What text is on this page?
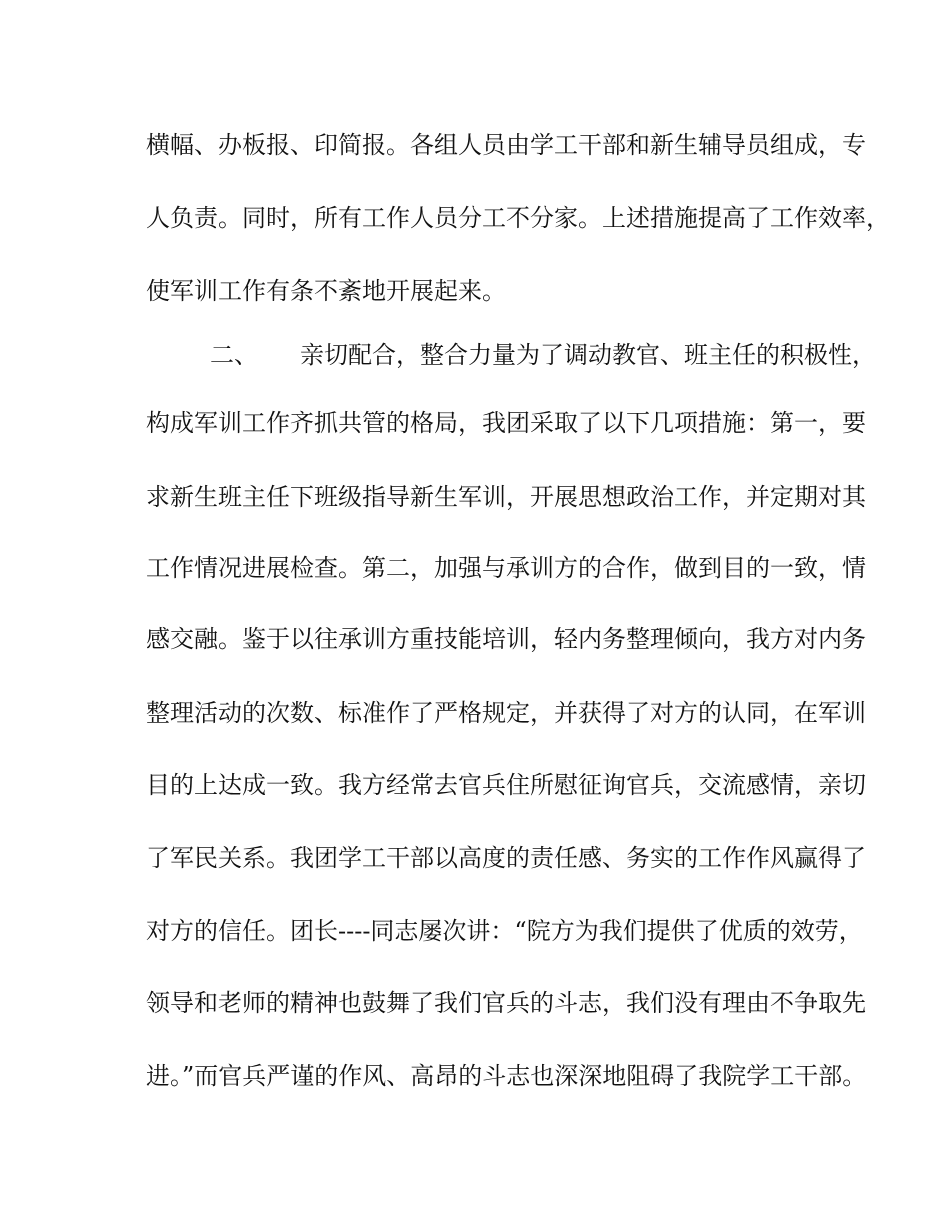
横幅、办板报、印简报。各组人员由学工干部和新生辅导员组成，专
人负责。同时，所有工作人员分工不分家。上述措施提高了工作效率，
使军训工作有条不紊地开展起来。
二、 亲切配合，整合力量为了调动教官、班主任的积极性，
构成军训工作齐抓共管的格局，我团采取了以下几项措施：第一，要
求新生班主任下班级指导新生军训，开展思想政治工作，并定期对其
工作情况进展检查。第二，加强与承训方的合作，做到目的一致，情
感交融。鉴于以往承训方重技能培训，轻内务整理倾向，我方对内务
整理活动的次数、标准作了严格规定，并获得了对方的认同，在军训
目的上达成一致。我方经常去官兵住所慰征询官兵，交流感情，亲切
了军民关系。我团学工干部以高度的责任感、务实的工作作风赢得了
对方的信任。团长----同志屡次讲：“院方为我们提供了优质的效劳，
领导和老师的精神也鼓舞了我们官兵的斗志，我们没有理由不争取先
进。”而官兵严谨的作风、高昂的斗志也深深地阻碍了我院学工干部。
